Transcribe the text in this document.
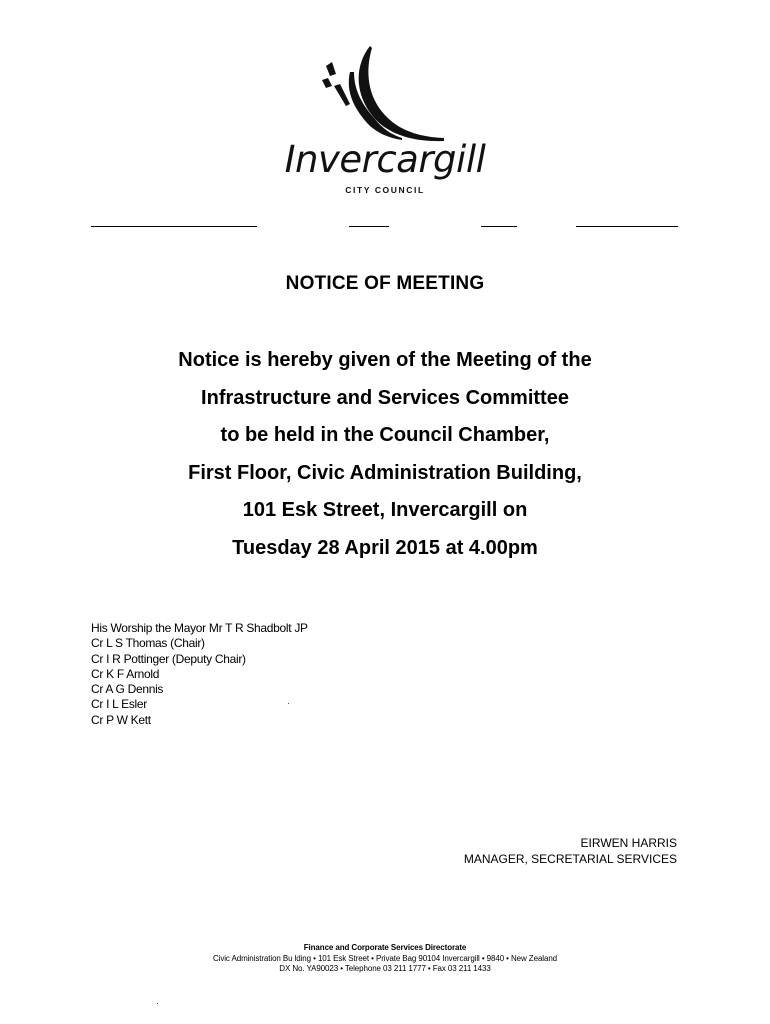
Invercargill
CITY COUNCIL
NOTICE OF MEETING
Notice is hereby given of the Meeting of the
Infrastructure and Services Committee
to be held in the Council Chamber,
First Floor, Civic Administration Building,
101 Esk Street, Invercargill on
Tuesday 28 April 2015 at 4.00pm
His Worship the Mayor Mr T R Shadbolt JP
Cr L S Thomas (Chair)
Cr I R Pottinger (Deputy Chair)
Cr K F Arnold
Cr A G Dennis
Cr I L Esler
Cr P W Kett
EIRWEN HARRIS
MANAGER, SECRETARIAL SERVICES
Finance and Corporate Services Directorate
Civic Administration Bu lding • 101 Esk Street • Private Bag 90104 Invercargill • 9840 • New Zealand
DX No. YA90023 • Telephone 03 211 1777 • Fax 03 211 1433
